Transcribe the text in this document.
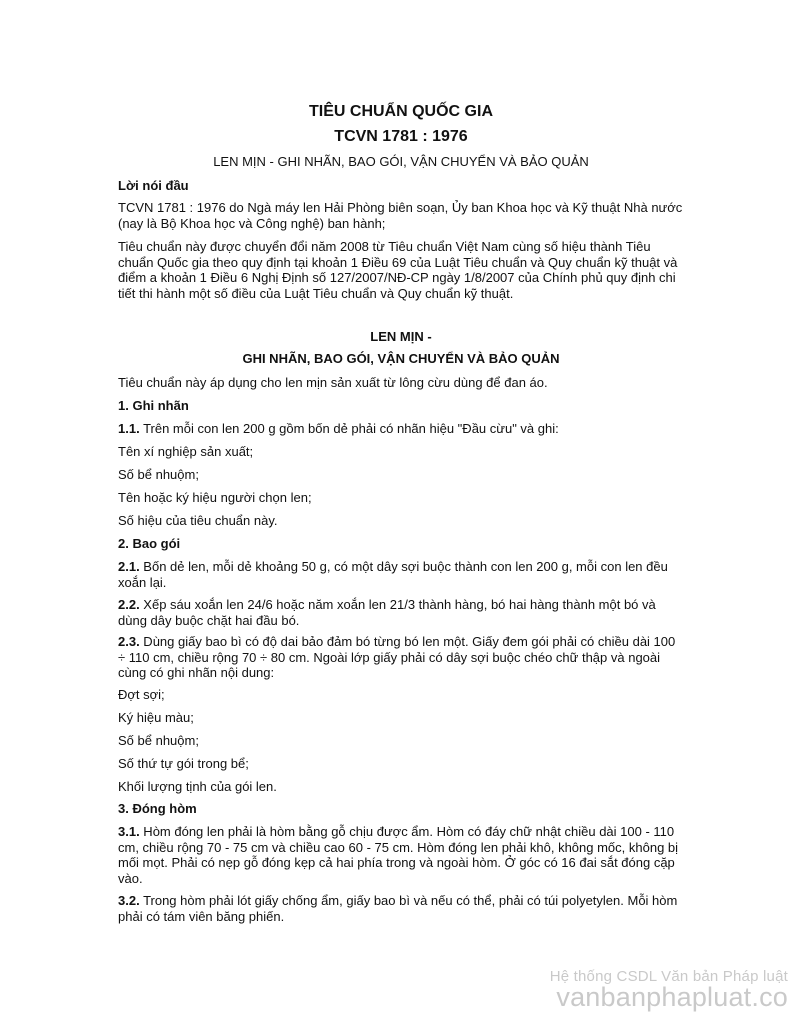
TIÊU CHUẨN QUỐC GIA

TCVN 1781 : 1976

LEN MỊN - GHI NHÃN, BAO GÓI, VẬN CHUYỂN VÀ BẢO QUẢN

Lời nói đầu

TCVN 1781 : 1976 do Ngà máy len Hải Phòng biên soạn, Ủy ban Khoa học và Kỹ thuật Nhà nước (nay là Bộ Khoa học và Công nghệ) ban hành;

Tiêu chuẩn này được chuyển đổi năm 2008 từ Tiêu chuẩn Việt Nam cùng số hiệu thành Tiêu chuẩn Quốc gia theo quy định tại khoản 1 Điều 69 của Luật Tiêu chuẩn và Quy chuẩn kỹ thuật và điểm a khoản 1 Điều 6 Nghị Định số 127/2007/NĐ-CP ngày 1/8/2007 của Chính phủ quy định chi tiết thi hành một số điều của Luật Tiêu chuẩn và Quy chuẩn kỹ thuật.

LEN MỊN -

GHI NHÃN, BAO GÓI, VẬN CHUYỂN VÀ BẢO QUẢN

Tiêu chuẩn này áp dụng cho len mịn sản xuất từ lông cừu dùng để đan áo.

1. Ghi nhãn

1.1. Trên mỗi con len 200 g gồm bốn dẻ phải có nhãn hiệu "Đầu cừu" và ghi:

Tên xí nghiệp sản xuất;

Số bể nhuộm;

Tên hoặc ký hiệu người chọn len;

Số hiệu của tiêu chuẩn này.

2. Bao gói

2.1. Bốn dẻ len, mỗi dẻ khoảng 50 g, có một dây sợi buộc thành con len 200 g, mỗi con len đều xoắn lại.

2.2. Xếp sáu xoắn len 24/6 hoặc năm xoắn len 21/3 thành hàng, bó hai hàng thành một bó và dùng dây buộc chặt hai đầu bó.

2.3. Dùng giấy bao bì có độ dai bảo đảm bó từng bó len một. Giấy đem gói phải có chiều dài 100 ÷ 110 cm, chiều rộng 70 ÷ 80 cm. Ngoài lớp giấy phải có dây sợi buộc chéo chữ thập và ngoài cùng có ghi nhãn nội dung:

Đợt sợi;

Ký hiệu màu;

Số bể nhuộm;

Số thứ tự gói trong bể;

Khối lượng tịnh của gói len.

3. Đóng hòm

3.1. Hòm đóng len phải là hòm bằng gỗ chịu được ẩm. Hòm có đáy chữ nhật chiều dài 100 - 110 cm, chiều rộng 70 - 75 cm và chiều cao 60 - 75 cm. Hòm đóng len phải khô, không mốc, không bị mối mọt. Phải có nẹp gỗ đóng kẹp cả hai phía trong và ngoài hòm. Ở góc có 16 đai sắt đóng cặp vào.

3.2. Trong hòm phải lót giấy chống ẩm, giấy bao bì và nếu có thể, phải có túi polyetylen. Mỗi hòm phải có tám viên băng phiến.

Hệ thống CSDL Văn bản Pháp luật
vanbanphapluat.co
